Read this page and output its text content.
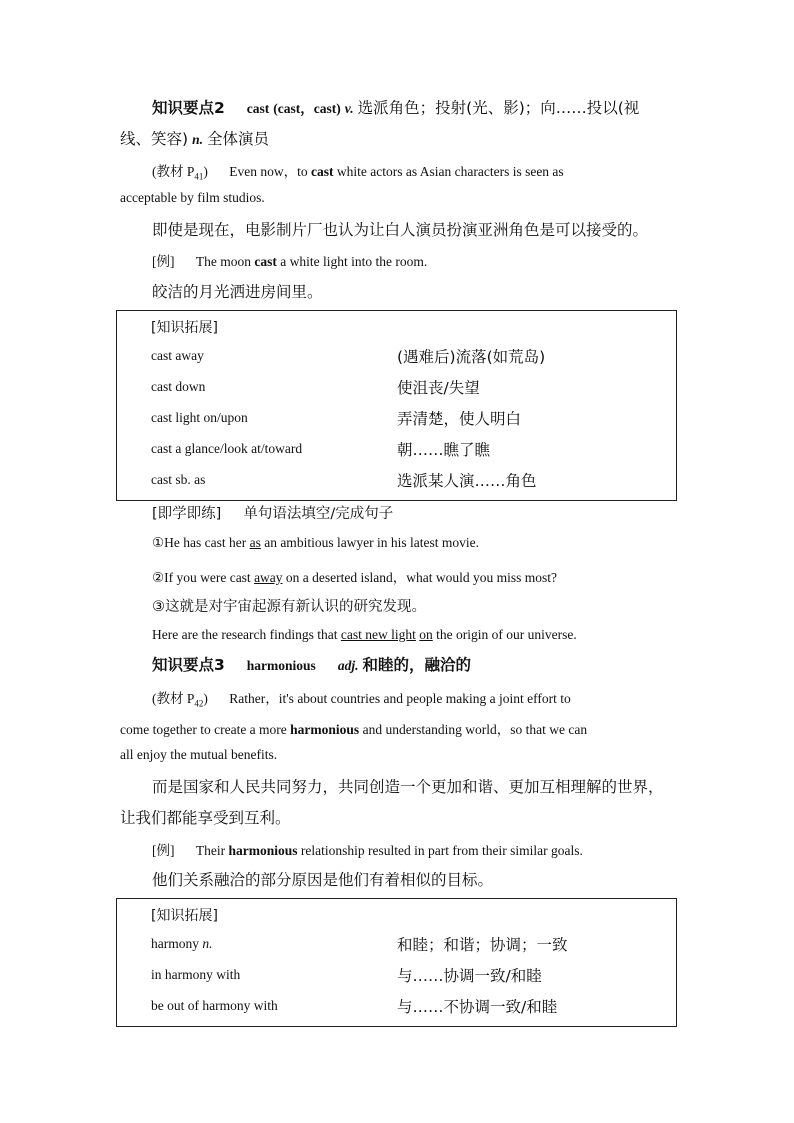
知识要点2 cast (cast，cast) v. 选派角色；投射(光、影)；向……投以(视
线、笑容) n. 全体演员
(教材 $P_{41}$) Even now，to cast white actors as Asian characters is seen as
acceptable by film studios.
即使是现在，电影制片厂也认为让白人演员扮演亚洲角色是可以接受的。
[例] The moon cast a white light into the room.
皎洁的月光洒进房间里。
[知识拓展]
cast away	(遇难后)流落(如荒岛)
cast down	使沮丧/失望
cast light on/upon	弄清楚，使人明白
cast a glance/look at/toward	朝……瞧了瞧
cast sb. as	选派某人演……角色
[即学即练] 单句语法填空/完成句子
①He has cast her as an ambitious lawyer in his latest movie.
②If you were cast away on a deserted island，what would you miss most?
③这就是对宇宙起源有新认识的研究发现。
Here are the research findings that cast new light on the origin of our universe.
知识要点3 harmonious adj. 和睦的，融洽的
(教材 $P_{42}$) Rather，it's about countries and people making a joint effort to
come together to create a more harmonious and understanding world，so that we can
all enjoy the mutual benefits.
而是国家和人民共同努力，共同创造一个更加和谐、更加互相理解的世界，
让我们都能享受到互利。
[例] Their harmonious relationship resulted in part from their similar goals.
他们关系融洽的部分原因是他们有着相似的目标。
[知识拓展]
harmony n.	和睦；和谐；协调；一致
in harmony with	与……协调一致/和睦
be out of harmony with	与……不协调一致/和睦
